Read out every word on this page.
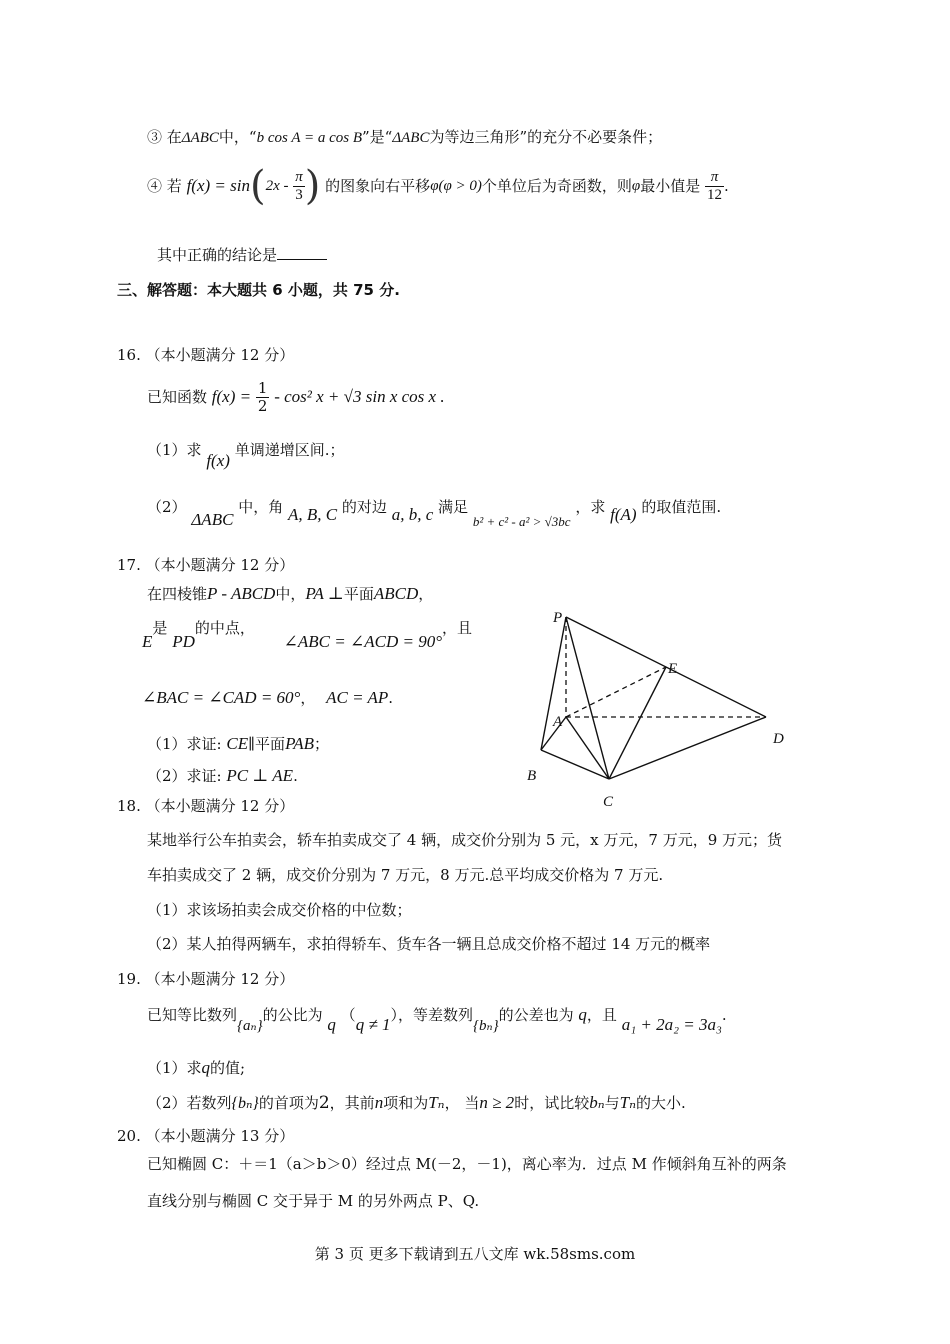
③ 在ΔABC中，“b cos A = a cos B”是“ΔABC为等边三角形”的充分不必要条件；
④ 若 $f(x) = \sin(2x - \frac{\pi}{3}$ ) 的图象向右平移φ(φ > 0)个单位后为奇函数，则φ最小值是 $\frac{\pi}{12}$ .
其中正确的结论是
三、解答题：本大题共 6 小题，共 75 分.
16. （本小题满分 12 分）
已知函数 $f(x) = \frac{1}{2} - \cos^2$ x + √3 sin x cos x .
（1）求 f(x) 单调递增区间.；
（2） ΔABC 中，角 A, B, C 的对边 a, b, c 满足 b² + c² - a² > √3bc ，求 f(A) 的取值范围.
17. （本小题满分 12 分）
在四棱锥P - ABCD中，PA ⊥平面ABCD，
E是 PD的中点， ∠ABC = ∠ACD = 90°，且
∠BAC = ∠CAD = 60°， AC = AP.
（1）求证: CE∥平面PAB；
（2）求证: PC ⊥ AE.
P
E
A
D
B
C
18. （本小题满分 12 分）
某地举行公车拍卖会，轿车拍卖成交了 4 辆，成交价分别为 5 元，x 万元，7 万元，9 万元；货
车拍卖成交了 2 辆，成交价分别为 7 万元，8 万元.总平均成交价格为 7 万元.
（1）求该场拍卖会成交价格的中位数；
（2）某人拍得两辆车，求拍得轿车、货车各一辆且总成交价格不超过 14 万元的概率
19. （本小题满分 12 分）
已知等比数列{aₙ}的公比为 q （q ≠ 1），等差数列{bₙ}的公差也为 q，且 a₁ + 2a₂ = 3a₃.
（1）求q的值;
（2）若数列{bₙ}的首项为2，其前n项和为Tₙ， 当n ≥ 2时，试比较bₙ与Tₙ的大小.
20. （本小题满分 13 分）
已知椭圆 C：＋＝1（a＞b＞0）经过点 M(－2，－1)，离心率为．过点 M 作倾斜角互补的两条
直线分别与椭圆 C 交于异于 M 的另外两点 P、Q.
第 3 页 更多下载请到五八文库 wk.58sms.com
